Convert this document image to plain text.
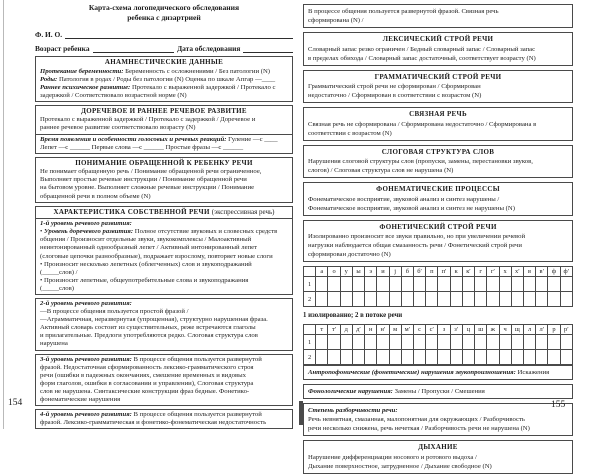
Карта-схема логопедического обследования
ребенка с дизартрией
Ф. И. О.
Возраст ребенка	Дата обследования
АНАМНЕСТИЧЕСКИЕ ДАННЫЕ
Протекание беременности: Беременность с осложнениями / Без патологии (N)
Роды: Патология в родах / Роды без патологии (N) Оценка по шкале Апгар —____
Раннее психическое развитие: Протекало с выраженной задержкой / Протекало с
задержкой / Соответствовало возрастной норме (N)
ДОРЕЧЕВОЕ И РАННЕЕ РЕЧЕВОЕ РАЗВИТИЕ
Протекало с выраженной задержкой / Протекало с задержкой / Доречевое и
раннее речевое развитие соответствовало возрасту (N)
Время появления и особенности голосовых и речевых реакций: Гуление —с ____
Лепет —с ______ Первые слова —с ______ Простые фразы —с ______
ПОНИМАНИЕ ОБРАЩЕННОЙ К РЕБЕНКУ РЕЧИ
Не понимает обращенную речь / Понимание обращенной речи ограниченное,
Выполняет простые речевые инструкции / Понимание обращенной речи
на бытовом уровне. Выполняет сложные речевые инструкции / Понимание
обращенной речи в полном объеме (N)
ХАРАКТЕРИСТИКА СОБСТВЕННОЙ РЕЧИ (экспрессивная речь)
1-й уровень речевого развития:
• Уровень доречевого развития: Полное отсутствие звуковых и словесных средств
общения / Произносит отдельные звуки, звукокомплексы / Малоактивный
неинтонированный однообразный лепет / Активный интонированный лепет
(слоговые цепочки разнообразные), подражает взрослому, повторяет новые слоги
• Произносит несколько лепетных (облегченных) слов и звукоподражаний
(_____слов) /
• Произносит лепетные, общеупотребительные слова и звукоподражания
(_____слов)
2-й уровень речевого развития:
—В процессе общения пользуется простой фразой /
—Аграмматичная, неразвернутая (упрощенная), структурно нарушенная фраза.
Активный словарь состоит из существительных, реже встречаются глаголы
и прилагательные. Предлоги употребляются редко. Слоговая структура слов
нарушена
3-й уровень речевого развития: В процессе общения пользуется развернутой
фразой. Недостаточная сформированность лексико-грамматического строя
речи (ошибки в падежных окончаниях, смешение временных и видовых
форм глаголов, ошибки в согласовании и управлении), Слоговая структура
слов не нарушена. Синтаксические конструкции фраз бедные. Фонетико-
фонематические нарушения
4-й уровень речевого развития: В процессе общения пользуется развернутой
фразой. Лексико-грамматическая и фонетико-фонематическая недостаточность
В процессе общения пользуется развернутой фразой. Связная речь
сформирована (N) /
ЛЕКСИЧЕСКИЙ СТРОЙ РЕЧИ
Словарный запас резко ограничен / Бедный словарный запас / Словарный запас
в пределах обихода / Словарный запас достаточный, соответствует возрасту (N)
ГРАММАТИЧЕСКИЙ СТРОЙ РЕЧИ
Грамматический строй речи не сформирован / Сформирован
недостаточно / Сформирован в соответствии с возрастом (N)
СВЯЗНАЯ РЕЧЬ
Связная речь не сформирована / Сформирована недостаточно / Сформирована в
соответствии с возрастом (N)
СЛОГОВАЯ СТРУКТУРА СЛОВ
Нарушения слоговой структуры слов (пропуски, замены, перестановки звуков,
слогов) / Слоговая структура слов не нарушена (N)
ФОНЕМАТИЧЕСКИЕ ПРОЦЕССЫ
Фонематическое восприятие, звуковой анализ и синтез нарушены /
Фонематическое восприятие, звуковой анализ и синтез не нарушены (N)
ФОНЕТИЧЕСКИЙ СТРОЙ РЕЧИ
Изолированно произносит все звуки правильно, но при увеличении речевой
нагрузки наблюдается общая смазанность речи / Фонетический строй речи
сформирован достаточно (N)
	а	о	у	ы	э	и	j	б	б′	п	п′	к	к′	г	г′	х	х′	в	в′	ф	ф′
1																					
2																					
1 изолированно; 2 в потоке речи
	т	т′	д	д′	н	н′	м	м′	с	с′	з	з′	ц	ш	ж	ч	щ	л	л′	р	р′
1																					
2																					
Антропофонические (фонетические) нарушения звукопроизношения: Искажения
Фонологические нарушения: Замены / Пропуски / Смешения
Степень разборчивости речи:
Речь невнятная, смазанная, малопонятная для окружающих / Разборчивость
речи несколько снижена, речь нечеткая / Разборчивость речи не нарушена (N)
ДЫХАНИЕ
Нарушение дифференциации носового и ротового выдоха /
Дыхание поверхностное, затрудненное / Дыхание свободное (N)
154	155
